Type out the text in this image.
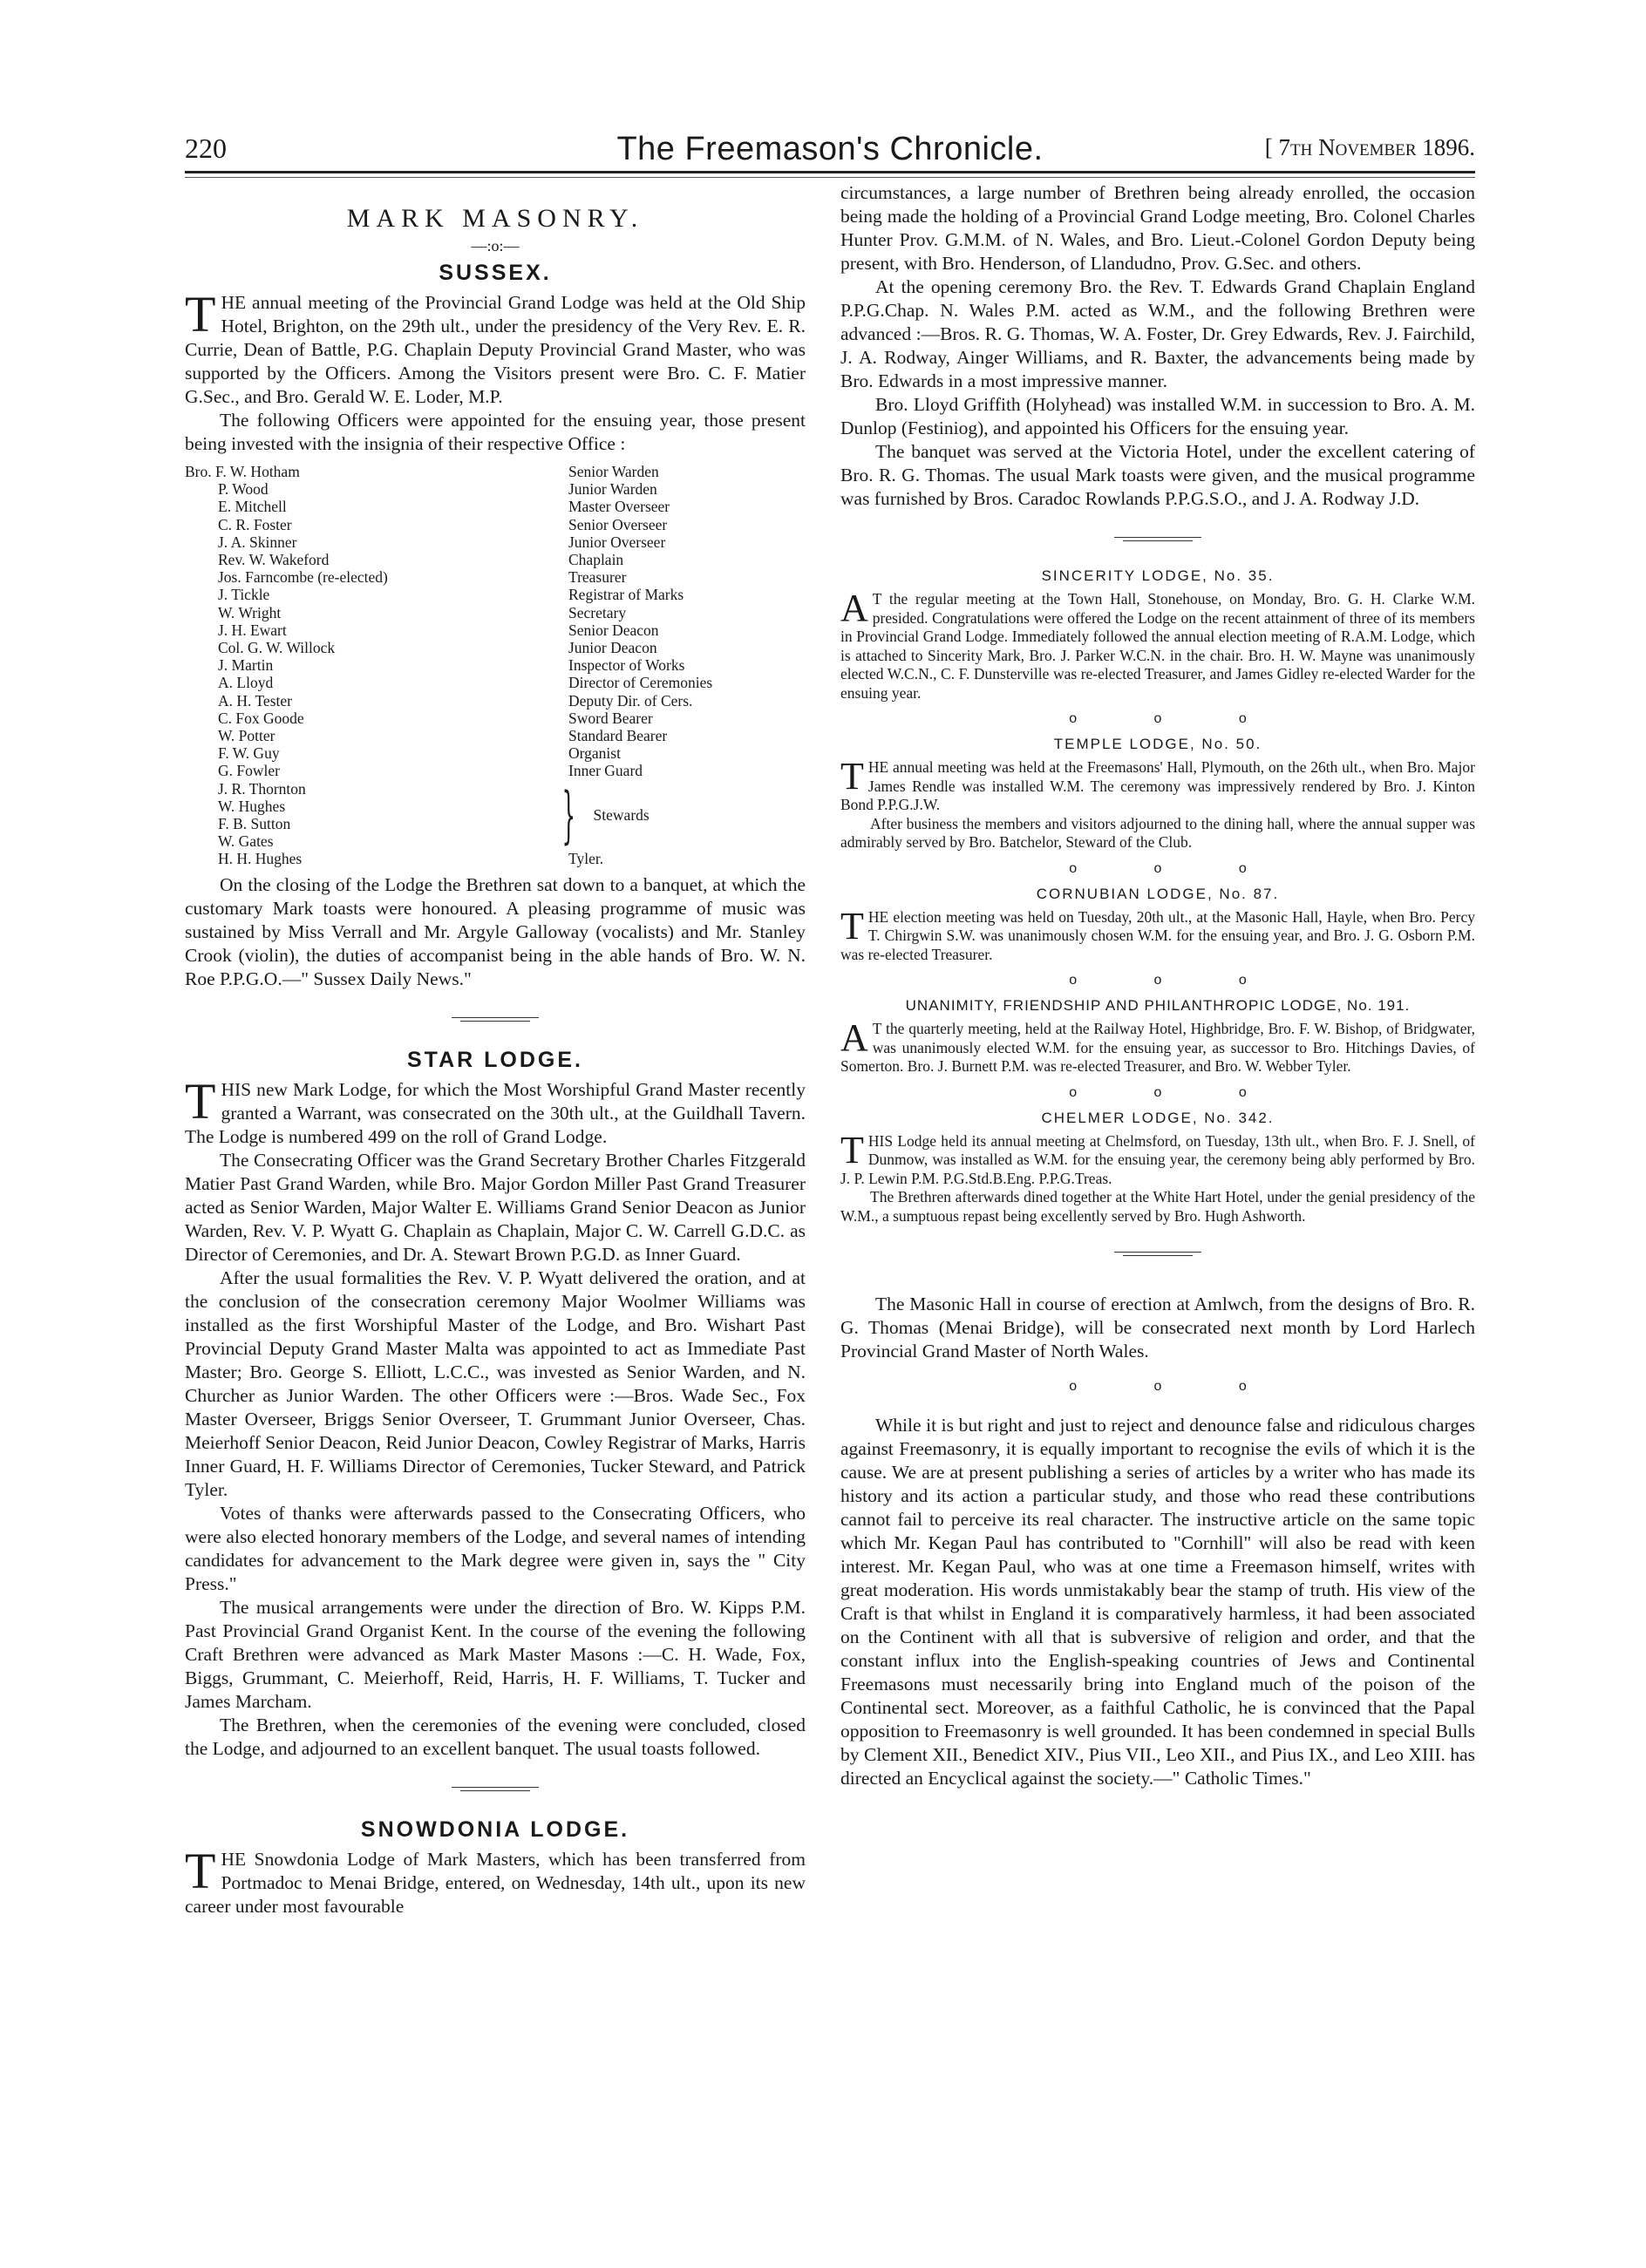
220	The Freemason's Chronicle.	[ 7th November 1896.
MARK MASONRY.
—:o:—
SUSSEX.

THE annual meeting of the Provincial Grand Lodge was held at the Old Ship Hotel, Brighton, on the 29th ult., under the presidency of the Very Rev. E. R. Currie, Dean of Battle, P.G. Chaplain Deputy Provincial Grand Master, who was supported by the Officers. Among the Visitors present were Bro. C. F. Matier G.Sec., and Bro. Gerald W. E. Loder, M.P.

The following Officers were appointed for the ensuing year, those present being invested with the insignia of their respective Office :

Bro. F. W. Hotham	Senior Warden
P. Wood	Junior Warden
E. Mitchell	Master Overseer
C. R. Foster	Senior Overseer
J. A. Skinner	Junior Overseer
Rev. W. Wakeford	Chaplain
Jos. Farncombe (re-elected)	Treasurer
J. Tickle	Registrar of Marks
W. Wright	Secretary
J. H. Ewart	Senior Deacon
Col. G. W. Willock	Junior Deacon
J. Martin	Inspector of Works
A. Lloyd	Director of Ceremonies
A. H. Tester	Deputy Dir. of Cers.
C. Fox Goode	Sword Bearer
W. Potter	Standard Bearer
F. W. Guy	Organist
G. Fowler	Inner Guard
J. R. Thornton
W. Hughes
F. B. Sutton
W. Gates	} Stewards
H. H. Hughes	Tyler.

On the closing of the Lodge the Brethren sat down to a banquet, at which the customary Mark toasts were honoured. A pleasing programme of music was sustained by Miss Verrall and Mr. Argyle Galloway (vocalists) and Mr. Stanley Crook (violin), the duties of accompanist being in the able hands of Bro. W. N. Roe P.P.G.O.—" Sussex Daily News."

STAR LODGE.

THIS new Mark Lodge, for which the Most Worshipful Grand Master recently granted a Warrant, was consecrated on the 30th ult., at the Guildhall Tavern. The Lodge is numbered 499 on the roll of Grand Lodge.

The Consecrating Officer was the Grand Secretary Brother Charles Fitzgerald Matier Past Grand Warden, while Bro. Major Gordon Miller Past Grand Treasurer acted as Senior Warden, Major Walter E. Williams Grand Senior Deacon as Junior Warden, Rev. V. P. Wyatt G. Chaplain as Chaplain, Major C. W. Carrell G.D.C. as Director of Ceremonies, and Dr. A. Stewart Brown P.G.D. as Inner Guard.

After the usual formalities the Rev. V. P. Wyatt delivered the oration, and at the conclusion of the consecration ceremony Major Woolmer Williams was installed as the first Worshipful Master of the Lodge, and Bro. Wishart Past Provincial Deputy Grand Master Malta was appointed to act as Immediate Past Master; Bro. George S. Elliott, L.C.C., was invested as Senior Warden, and N. Churcher as Junior Warden. The other Officers were :—Bros. Wade Sec., Fox Master Overseer, Briggs Senior Overseer, T. Grummant Junior Overseer, Chas. Meierhoff Senior Deacon, Reid Junior Deacon, Cowley Registrar of Marks, Harris Inner Guard, H. F. Williams Director of Ceremonies, Tucker Steward, and Patrick Tyler.

Votes of thanks were afterwards passed to the Consecrating Officers, who were also elected honorary members of the Lodge, and several names of intending candidates for advancement to the Mark degree were given in, says the " City Press."

The musical arrangements were under the direction of Bro. W. Kipps P.M. Past Provincial Grand Organist Kent. In the course of the evening the following Craft Brethren were advanced as Mark Master Masons :—C. H. Wade, Fox, Biggs, Grummant, C. Meierhoff, Reid, Harris, H. F. Williams, T. Tucker and James Marcham.

The Brethren, when the ceremonies of the evening were concluded, closed the Lodge, and adjourned to an excellent banquet. The usual toasts followed.

SNOWDONIA LODGE.

THE Snowdonia Lodge of Mark Masters, which has been transferred from Portmadoc to Menai Bridge, entered, on Wednesday, 14th ult., upon its new career under most favourable

circumstances, a large number of Brethren being already enrolled, the occasion being made the holding of a Provincial Grand Lodge meeting, Bro. Colonel Charles Hunter Prov. G.M.M. of N. Wales, and Bro. Lieut.-Colonel Gordon Deputy being present, with Bro. Henderson, of Llandudno, Prov. G.Sec. and others.

At the opening ceremony Bro. the Rev. T. Edwards Grand Chaplain England P.P.G.Chap. N. Wales P.M. acted as W.M., and the following Brethren were advanced :—Bros. R. G. Thomas, W. A. Foster, Dr. Grey Edwards, Rev. J. Fairchild, J. A. Rodway, Ainger Williams, and R. Baxter, the advancements being made by Bro. Edwards in a most impressive manner.

Bro. Lloyd Griffith (Holyhead) was installed W.M. in succession to Bro. A. M. Dunlop (Festiniog), and appointed his Officers for the ensuing year.

The banquet was served at the Victoria Hotel, under the excellent catering of Bro. R. G. Thomas. The usual Mark toasts were given, and the musical programme was furnished by Bros. Caradoc Rowlands P.P.G.S.O., and J. A. Rodway J.D.

SINCERITY LODGE, No. 35.

A T the regular meeting at the Town Hall, Stonehouse, on Monday, Bro. G. H. Clarke W.M. presided. Congratulations were offered the Lodge on the recent attainment of three of its members in Provincial Grand Lodge. Immediately followed the annual election meeting of R.A.M. Lodge, which is attached to Sincerity Mark, Bro. J. Parker W.C.N. in the chair. Bro. H. W. Mayne was unanimously elected W.C.N., C. F. Dunsterville was re-elected Treasurer, and James Gidley re-elected Warder for the ensuing year.

o o o
TEMPLE LODGE, No. 50.

THE annual meeting was held at the Freemasons' Hall, Plymouth, on the 26th ult., when Bro. Major James Rendle was installed W.M. The ceremony was impressively rendered by Bro. J. Kinton Bond P.P.G.J.W.

After business the members and visitors adjourned to the dining hall, where the annual supper was admirably served by Bro. Batchelor, Steward of the Club.

o o o
CORNUBIAN LODGE, No. 87.

THE election meeting was held on Tuesday, 20th ult., at the Masonic Hall, Hayle, when Bro. Percy T. Chirgwin S.W. was unanimously chosen W.M. for the ensuing year, and Bro. J. G. Osborn P.M. was re-elected Treasurer.

o o o
UNANIMITY, FRIENDSHIP AND PHILANTHROPIC LODGE, No. 191.

A T the quarterly meeting, held at the Railway Hotel, Highbridge, Bro. F. W. Bishop, of Bridgwater, was unanimously elected W.M. for the ensuing year, as successor to Bro. Hitchings Davies, of Somerton. Bro. J. Burnett P.M. was re-elected Treasurer, and Bro. W. Webber Tyler.

o o o
CHELMER LODGE, No. 342.

THIS Lodge held its annual meeting at Chelmsford, on Tuesday, 13th ult., when Bro. F. J. Snell, of Dunmow, was installed as W.M. for the ensuing year, the ceremony being ably performed by Bro. J. P. Lewin P.M. P.G.Std.B.Eng. P.P.G.Treas.

The Brethren afterwards dined together at the White Hart Hotel, under the genial presidency of the W.M., a sumptuous repast being excellently served by Bro. Hugh Ashworth.

The Masonic Hall in course of erection at Amlwch, from the designs of Bro. R. G. Thomas (Menai Bridge), will be consecrated next month by Lord Harlech Provincial Grand Master of North Wales.

o o o

While it is but right and just to reject and denounce false and ridiculous charges against Freemasonry, it is equally important to recognise the evils of which it is the cause. We are at present publishing a series of articles by a writer who has made its history and its action a particular study, and those who read these contributions cannot fail to perceive its real character. The instructive article on the same topic which Mr. Kegan Paul has contributed to "Cornhill" will also be read with keen interest. Mr. Kegan Paul, who was at one time a Freemason himself, writes with great moderation. His words unmistakably bear the stamp of truth. His view of the Craft is that whilst in England it is comparatively harmless, it had been associated on the Continent with all that is subversive of religion and order, and that the constant influx into the English-speaking countries of Jews and Continental Freemasons must necessarily bring into England much of the poison of the Continental sect. Moreover, as a faithful Catholic, he is convinced that the Papal opposition to Freemasonry is well grounded. It has been condemned in special Bulls by Clement XII., Benedict XIV., Pius VII., Leo XII., and Pius IX., and Leo XIII. has directed an Encyclical against the society.—" Catholic Times."
